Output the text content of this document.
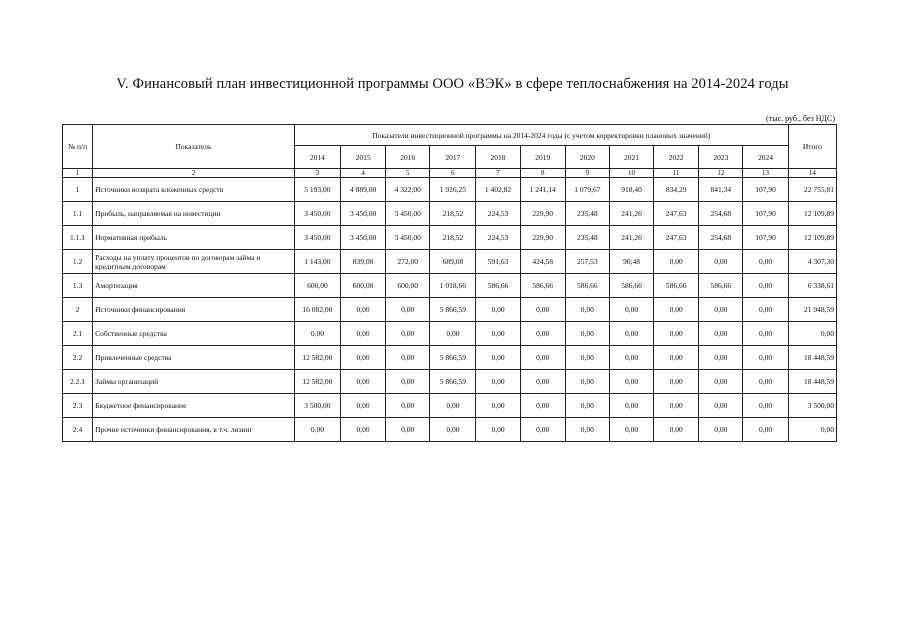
V. Финансовый план инвестиционной программы ООО «ВЭК» в сфере теплоснабжения на 2014-2024 годы
(тыс. руб., без НДС)
№ п/п	Показатель	Показатели инвестиционной программы на 2014-2024 годы (с учетом корректировки плановых значений)											Итого
		2014	2015	2016	2017	2018	2019	2020	2021	2022	2023	2024	
1	2	3	4	5	6	7	8	9	10	11	12	13	14
1	Источники возврата вложенных средств	5 193,00	4 889,00	4 322,00	1 926,25	1 402,82	1 241,14	1 079,67	918,40	834,29	841,34	107,90	22 755,81
1.1	Прибыль, направляемая на инвестиции	3 450,00	3 450,00	3 450,00	218,52	224,53	229,90	235,48	241,26	247,63	254,68	107,90	12 109,89
1.1.1	Нормативная прибыль	3 450,00	3 450,00	3 450,00	218,52	224,53	229,90	235,48	241,26	247,63	254,68	107,90	12 109,89
1.2	Расходы на уплату процентов по договорам займа и кредитным договорам	1 143,00	839,00	272,00	689,08	591,63	424,58	257,53	90,48	0,00	0,00	0,00	4 307,30
1.3	Амортизация	600,00	600,00	600,00	1 018,66	586,66	586,66	586,66	586,66	586,66	586,66	0,00	6 338,61
2	Источники финансирования	16 082,00	0,00	0,00	5 866,59	0,00	0,00	0,00	0,00	0,00	0,00	0,00	21 948,59
2.1	Собственные средства	0,00	0,00	0,00	0,00	0,00	0,00	0,00	0,00	0,00	0,00	0,00	0,00
2.2	Привлеченные средства	12 582,00	0,00	0,00	5 866,59	0,00	0,00	0,00	0,00	0,00	0,00	0,00	18 448,59
2.2.1	Займы организаций	12 582,00	0,00	0,00	5 866,59	0,00	0,00	0,00	0,00	0,00	0,00	0,00	18 448,59
2.3	Бюджетное финансирование	3 500,00	0,00	0,00	0,00	0,00	0,00	0,00	0,00	0,00	0,00	0,00	3 500,00
2.4	Прочие источники финансирования, в т.ч. лизинг	0,00	0,00	0,00	0,00	0,00	0,00	0,00	0,00	0,00	0,00	0,00	0,00
